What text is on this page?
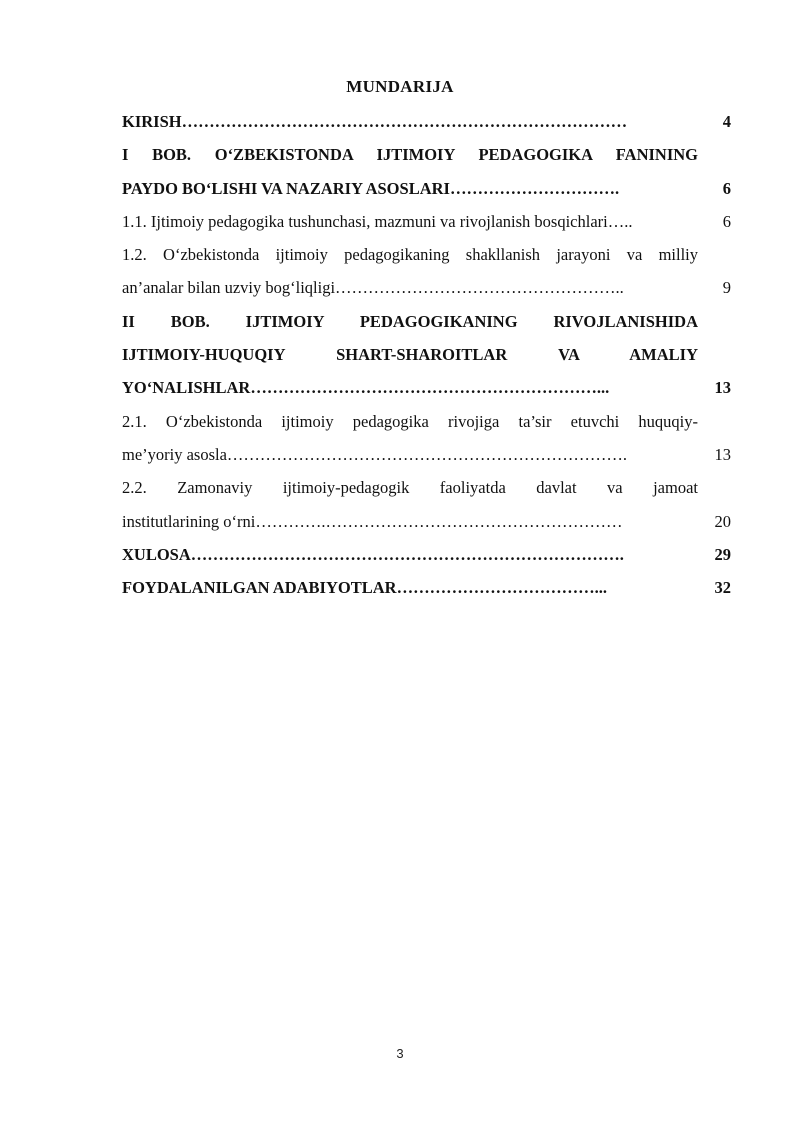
MUNDARIJA
KIRISH………………………………………………………………………	4
I BOB. O‘ZBEKISTONDA IJTIMOIY PEDAGOGIKA FANINING
PAYDO BO‘LISHI VA NAZARIY ASOSLARI………………………….	6
1.1. Ijtimoiy pedagogika tushunchasi, mazmuni va rivojlanish bosqichlari…..	6
1.2. O‘zbekistonda ijtimoiy pedagogikaning shakllanish jarayoni va milliy
an’analar bilan uzviy bog‘liqligi……………………………………………..	9
II BOB. IJTIMOIY PEDAGOGIKANING RIVOJLANISHIDA
IJTIMOIY-HUQUQIY SHART-SHAROITLAR VA AMALIY
YO‘NALISHLAR………………………………………………………...	13
2.1. O‘zbekistonda ijtimoiy pedagogika rivojiga ta’sir etuvchi huquqiy-
me’yoriy asosla……………………………………………………………….	13
2.2. Zamonaviy ijtimoiy-pedagogik faoliyatda davlat va jamoat
institutlarining o‘rni………….………………………………………………	20
XULOSA…………………………………………………………………….	29
FOYDALANILGAN ADABIYOTLAR………………………………...	32
3
